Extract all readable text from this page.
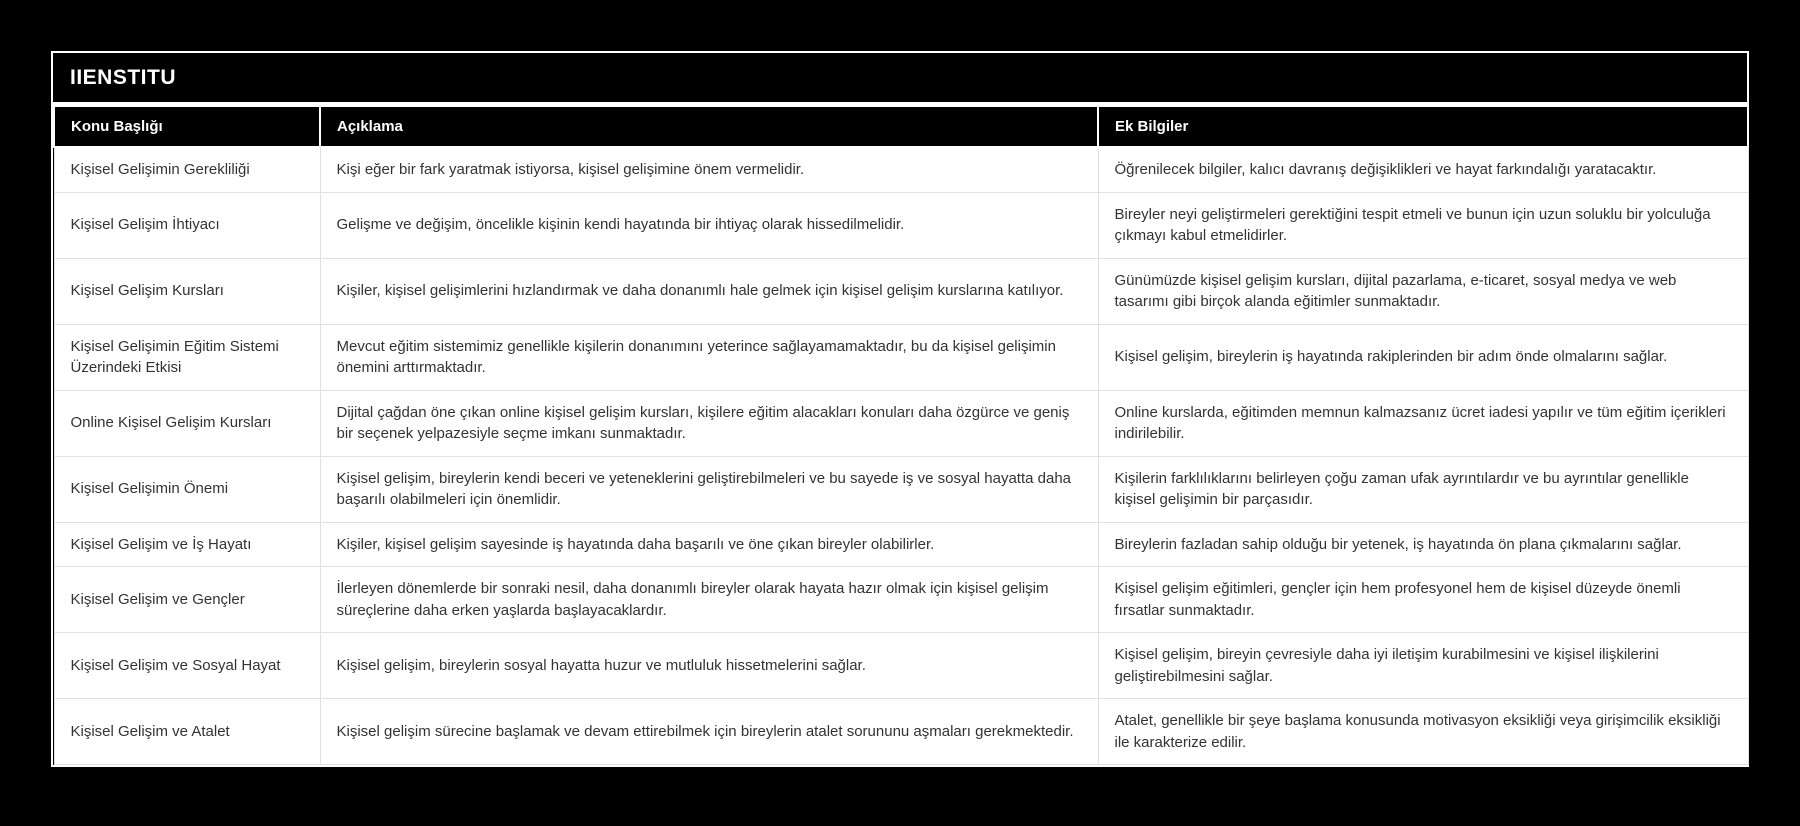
IIENSTITU
Konu Başlığı	Açıklama	Ek Bilgiler
Kişisel Gelişimin Gerekliliği	Kişi eğer bir fark yaratmak istiyorsa, kişisel gelişimine önem vermelidir.	Öğrenilecek bilgiler, kalıcı davranış değişiklikleri ve hayat farkındalığı yaratacaktır.
Kişisel Gelişim İhtiyacı	Gelişme ve değişim, öncelikle kişinin kendi hayatında bir ihtiyaç olarak hissedilmelidir.	Bireyler neyi geliştirmeleri gerektiğini tespit etmeli ve bunun için uzun soluklu bir yolculuğa çıkmayı kabul etmelidirler.
Kişisel Gelişim Kursları	Kişiler, kişisel gelişimlerini hızlandırmak ve daha donanımlı hale gelmek için kişisel gelişim kurslarına katılıyor.	Günümüzde kişisel gelişim kursları, dijital pazarlama, e-ticaret, sosyal medya ve web tasarımı gibi birçok alanda eğitimler sunmaktadır.
Kişisel Gelişimin Eğitim Sistemi Üzerindeki Etkisi	Mevcut eğitim sistemimiz genellikle kişilerin donanımını yeterince sağlayamamaktadır, bu da kişisel gelişimin önemini arttırmaktadır.	Kişisel gelişim, bireylerin iş hayatında rakiplerinden bir adım önde olmalarını sağlar.
Online Kişisel Gelişim Kursları	Dijital çağdan öne çıkan online kişisel gelişim kursları, kişilere eğitim alacakları konuları daha özgürce ve geniş bir seçenek yelpazesiyle seçme imkanı sunmaktadır.	Online kurslarda, eğitimden memnun kalmazsanız ücret iadesi yapılır ve tüm eğitim içerikleri indirilebilir.
Kişisel Gelişimin Önemi	Kişisel gelişim, bireylerin kendi beceri ve yeteneklerini geliştirebilmeleri ve bu sayede iş ve sosyal hayatta daha başarılı olabilmeleri için önemlidir.	Kişilerin farklılıklarını belirleyen çoğu zaman ufak ayrıntılardır ve bu ayrıntılar genellikle kişisel gelişimin bir parçasıdır.
Kişisel Gelişim ve İş Hayatı	Kişiler, kişisel gelişim sayesinde iş hayatında daha başarılı ve öne çıkan bireyler olabilirler.	Bireylerin fazladan sahip olduğu bir yetenek, iş hayatında ön plana çıkmalarını sağlar.
Kişisel Gelişim ve Gençler	İlerleyen dönemlerde bir sonraki nesil, daha donanımlı bireyler olarak hayata hazır olmak için kişisel gelişim süreçlerine daha erken yaşlarda başlayacaklardır.	Kişisel gelişim eğitimleri, gençler için hem profesyonel hem de kişisel düzeyde önemli fırsatlar sunmaktadır.
Kişisel Gelişim ve Sosyal Hayat	Kişisel gelişim, bireylerin sosyal hayatta huzur ve mutluluk hissetmelerini sağlar.	Kişisel gelişim, bireyin çevresiyle daha iyi iletişim kurabilmesini ve kişisel ilişkilerini geliştirebilmesini sağlar.
Kişisel Gelişim ve Atalet	Kişisel gelişim sürecine başlamak ve devam ettirebilmek için bireylerin atalet sorununu aşmaları gerekmektedir.	Atalet, genellikle bir şeye başlama konusunda motivasyon eksikliği veya girişimcilik eksikliği ile karakterize edilir.
